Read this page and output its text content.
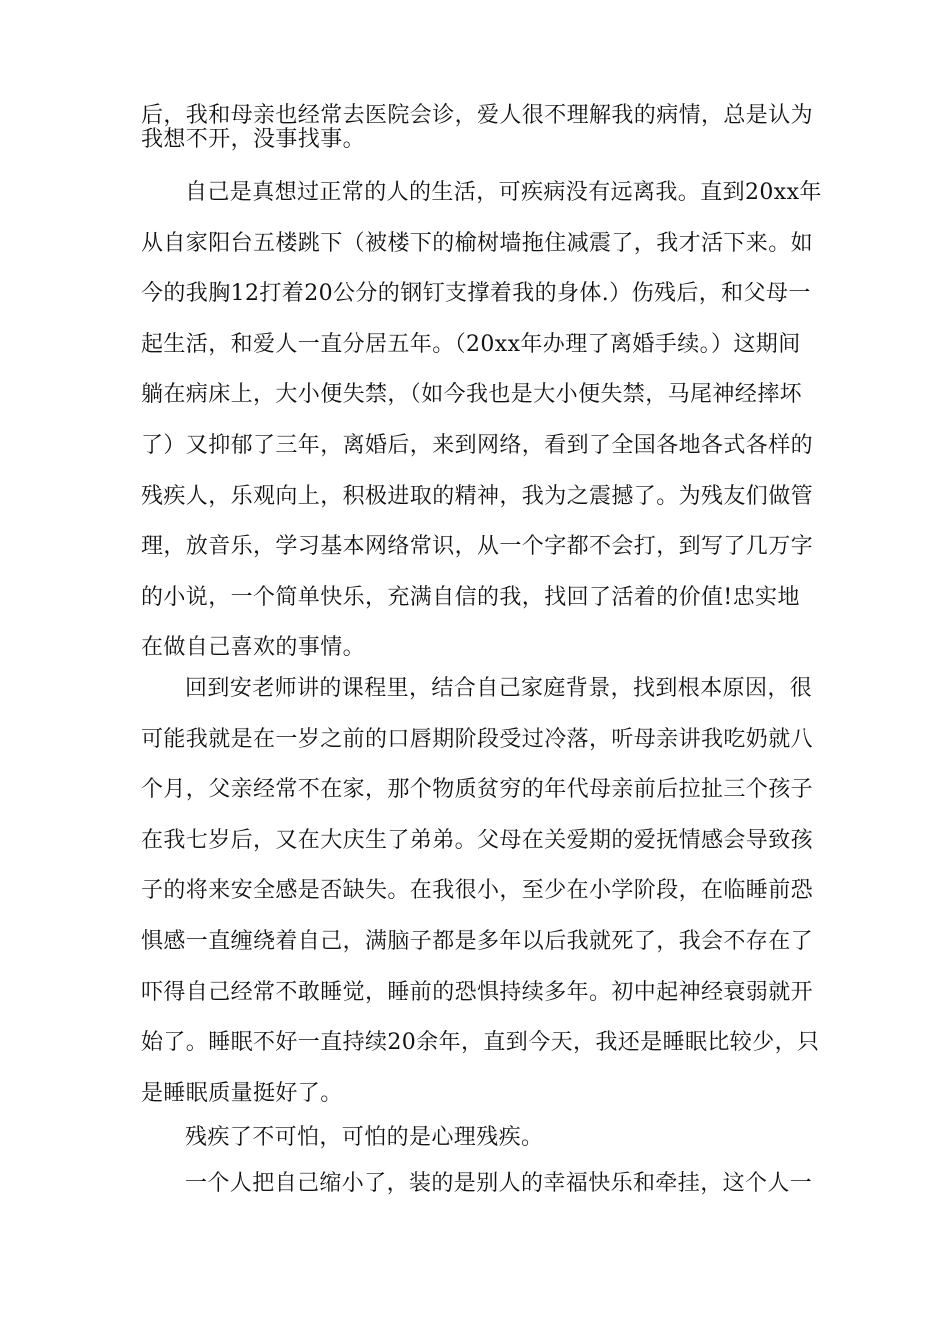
后，我和母亲也经常去医院会诊，爱人很不理解我的病情，总是认为
我想不开，没事找事。
自己是真想过正常的人的生活，可疾病没有远离我。直到20xx年
从自家阳台五楼跳下（被楼下的榆树墙拖住减震了，我才活下来。如
今的我胸12打着20公分的钢钉支撑着我的身体.）伤残后，和父母一
起生活，和爱人一直分居五年。（20xx年办理了离婚手续。）这期间
躺在病床上，大小便失禁，（如今我也是大小便失禁，马尾神经摔坏
了）又抑郁了三年，离婚后，来到网络，看到了全国各地各式各样的
残疾人，乐观向上，积极进取的精神，我为之震撼了。为残友们做管
理，放音乐，学习基本网络常识，从一个字都不会打，到写了几万字
的小说，一个简单快乐，充满自信的我，找回了活着的价值!忠实地
在做自己喜欢的事情。
回到安老师讲的课程里，结合自己家庭背景，找到根本原因，很
可能我就是在一岁之前的口唇期阶段受过冷落，听母亲讲我吃奶就八
个月，父亲经常不在家，那个物质贫穷的年代母亲前后拉扯三个孩子
在我七岁后，又在大庆生了弟弟。父母在关爱期的爱抚情感会导致孩
子的将来安全感是否缺失。在我很小，至少在小学阶段，在临睡前恐
惧感一直缠绕着自己，满脑子都是多年以后我就死了，我会不存在了
吓得自己经常不敢睡觉，睡前的恐惧持续多年。初中起神经衰弱就开
始了。睡眠不好一直持续20余年，直到今天，我还是睡眠比较少，只
是睡眠质量挺好了。
残疾了不可怕，可怕的是心理残疾。
一个人把自己缩小了，装的是别人的幸福快乐和牵挂，这个人一
